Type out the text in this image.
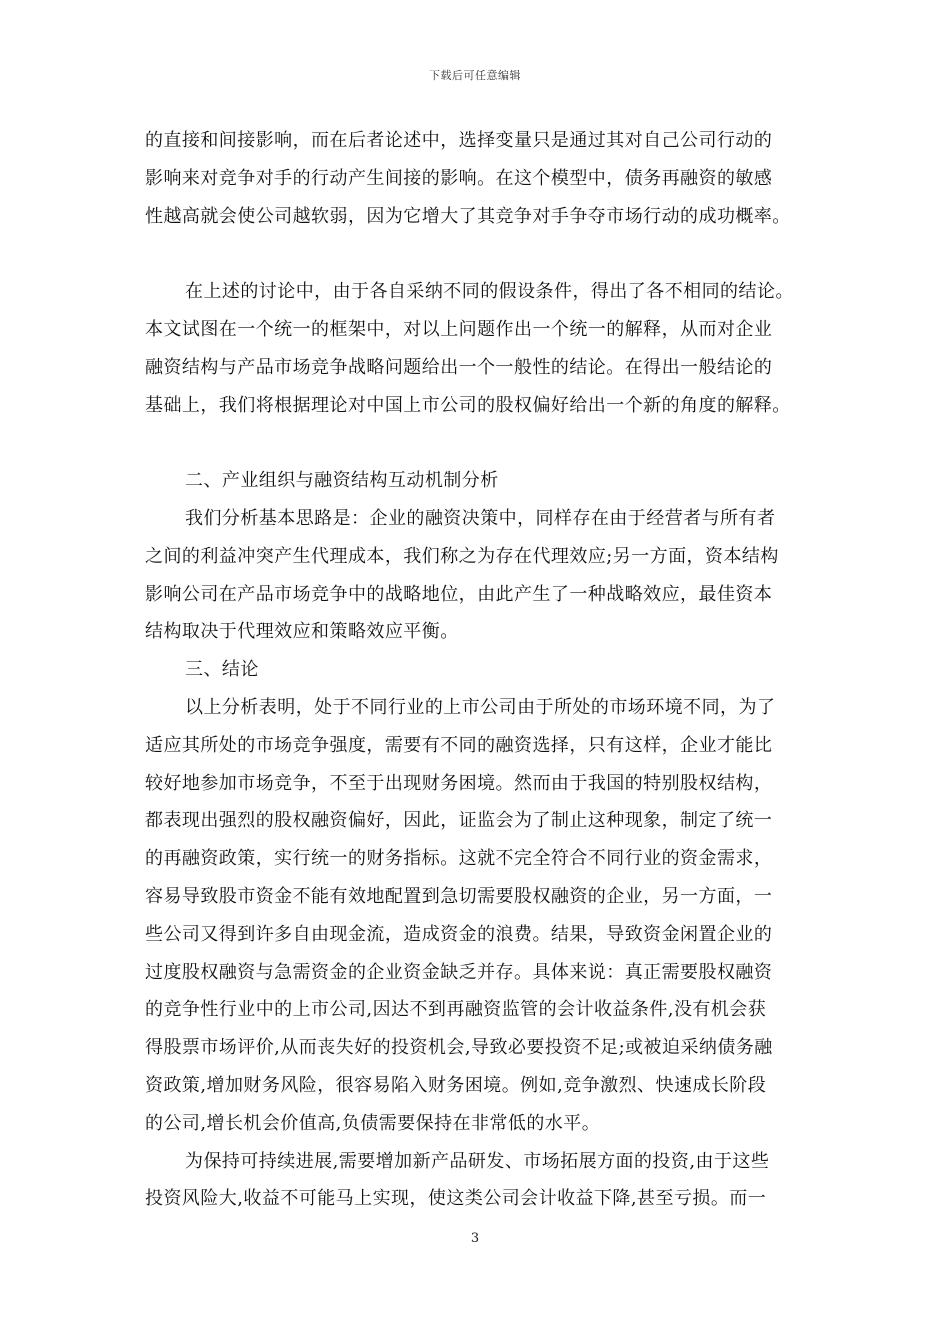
下载后可任意编辑
的直接和间接影响，而在后者论述中，选择变量只是通过其对自己公司行动的
影响来对竞争对手的行动产生间接的影响。在这个模型中，债务再融资的敏感
性越高就会使公司越软弱，因为它增大了其竞争对手争夺市场行动的成功概率。
在上述的讨论中，由于各自采纳不同的假设条件，得出了各不相同的结论。
本文试图在一个统一的框架中，对以上问题作出一个统一的解释，从而对企业
融资结构与产品市场竞争战略问题给出一个一般性的结论。在得出一般结论的
基础上，我们将根据理论对中国上市公司的股权偏好给出一个新的角度的解释。
二、产业组织与融资结构互动机制分析
我们分析基本思路是：企业的融资决策中，同样存在由于经营者与所有者
之间的利益冲突产生代理成本，我们称之为存在代理效应;另一方面，资本结构
影响公司在产品市场竞争中的战略地位，由此产生了一种战略效应，最佳资本
结构取决于代理效应和策略效应平衡。
三、结论
以上分析表明，处于不同行业的上市公司由于所处的市场环境不同，为了
适应其所处的市场竞争强度，需要有不同的融资选择，只有这样，企业才能比
较好地参加市场竞争，不至于出现财务困境。然而由于我国的特别股权结构，
都表现出强烈的股权融资偏好，因此，证监会为了制止这种现象，制定了统一
的再融资政策，实行统一的财务指标。这就不完全符合不同行业的资金需求，
容易导致股市资金不能有效地配置到急切需要股权融资的企业，另一方面，一
些公司又得到许多自由现金流，造成资金的浪费。结果，导致资金闲置企业的
过度股权融资与急需资金的企业资金缺乏并存。具体来说：真正需要股权融资
的竞争性行业中的上市公司,因达不到再融资监管的会计收益条件,没有机会获
得股票市场评价,从而丧失好的投资机会,导致必要投资不足;或被迫采纳债务融
资政策,增加财务风险，很容易陷入财务困境。例如,竞争激烈、快速成长阶段
的公司,增长机会价值高,负债需要保持在非常低的水平。
为保持可持续进展,需要增加新产品研发、市场拓展方面的投资,由于这些
投资风险大,收益不可能马上实现，使这类公司会计收益下降,甚至亏损。而一
3
